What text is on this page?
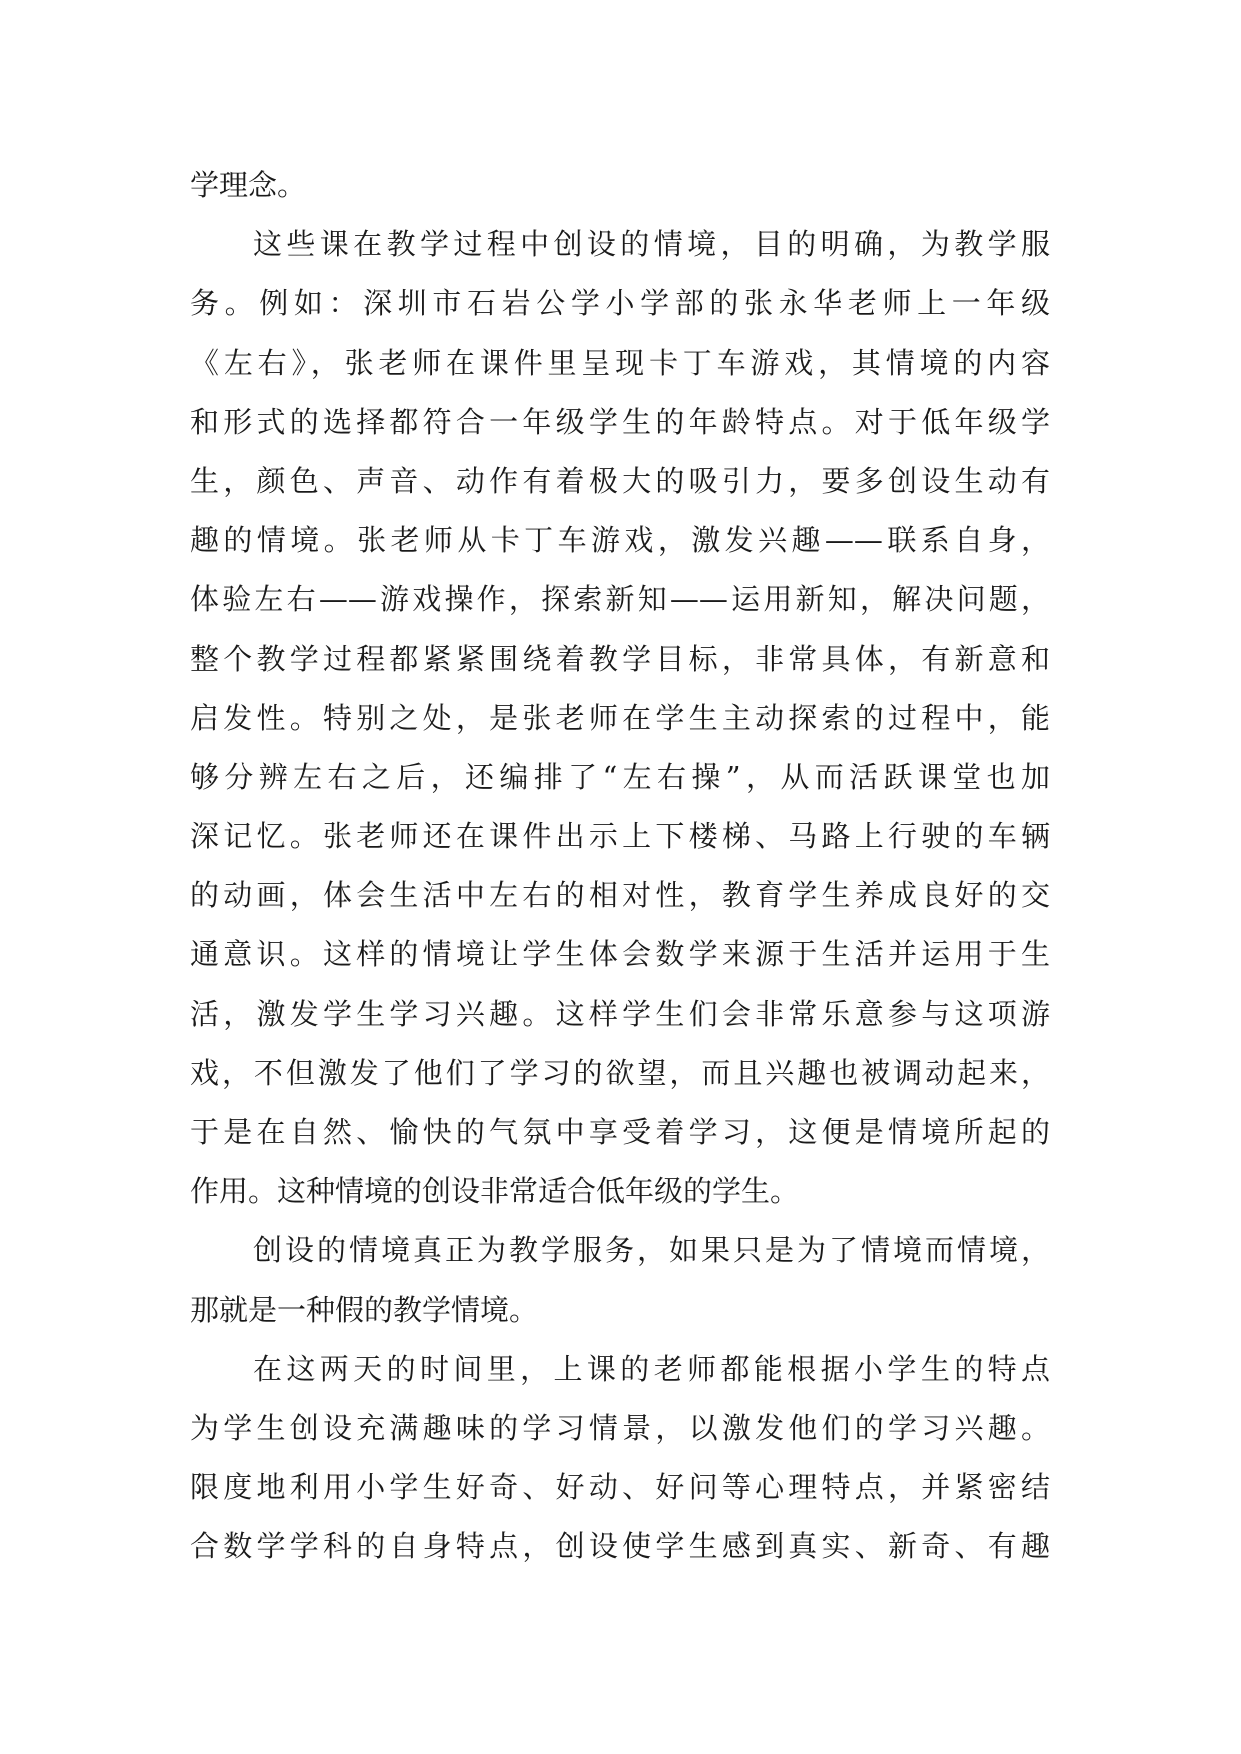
学理念。
这些课在教学过程中创设的情境，目的明确，为教学服
务。例如：深圳市石岩公学小学部的张永华老师上一年级
《左右》，张老师在课件里呈现卡丁车游戏，其情境的内容
和形式的选择都符合一年级学生的年龄特点。对于低年级学
生，颜色、声音、动作有着极大的吸引力，要多创设生动有
趣的情境。张老师从卡丁车游戏，激发兴趣——联系自身，
体验左右——游戏操作，探索新知——运用新知，解决问题，
整个教学过程都紧紧围绕着教学目标，非常具体，有新意和
启发性。特别之处，是张老师在学生主动探索的过程中，能
够分辨左右之后，还编排了“左右操”，从而活跃课堂也加
深记忆。张老师还在课件出示上下楼梯、马路上行驶的车辆
的动画，体会生活中左右的相对性，教育学生养成良好的交
通意识。这样的情境让学生体会数学来源于生活并运用于生
活，激发学生学习兴趣。这样学生们会非常乐意参与这项游
戏，不但激发了他们了学习的欲望，而且兴趣也被调动起来，
于是在自然、愉快的气氛中享受着学习，这便是情境所起的
作用。这种情境的创设非常适合低年级的学生。
创设的情境真正为教学服务，如果只是为了情境而情境，
那就是一种假的教学情境。
在这两天的时间里，上课的老师都能根据小学生的特点
为学生创设充满趣味的学习情景，以激发他们的学习兴趣。
限度地利用小学生好奇、好动、好问等心理特点，并紧密结
合数学学科的自身特点，创设使学生感到真实、新奇、有趣
